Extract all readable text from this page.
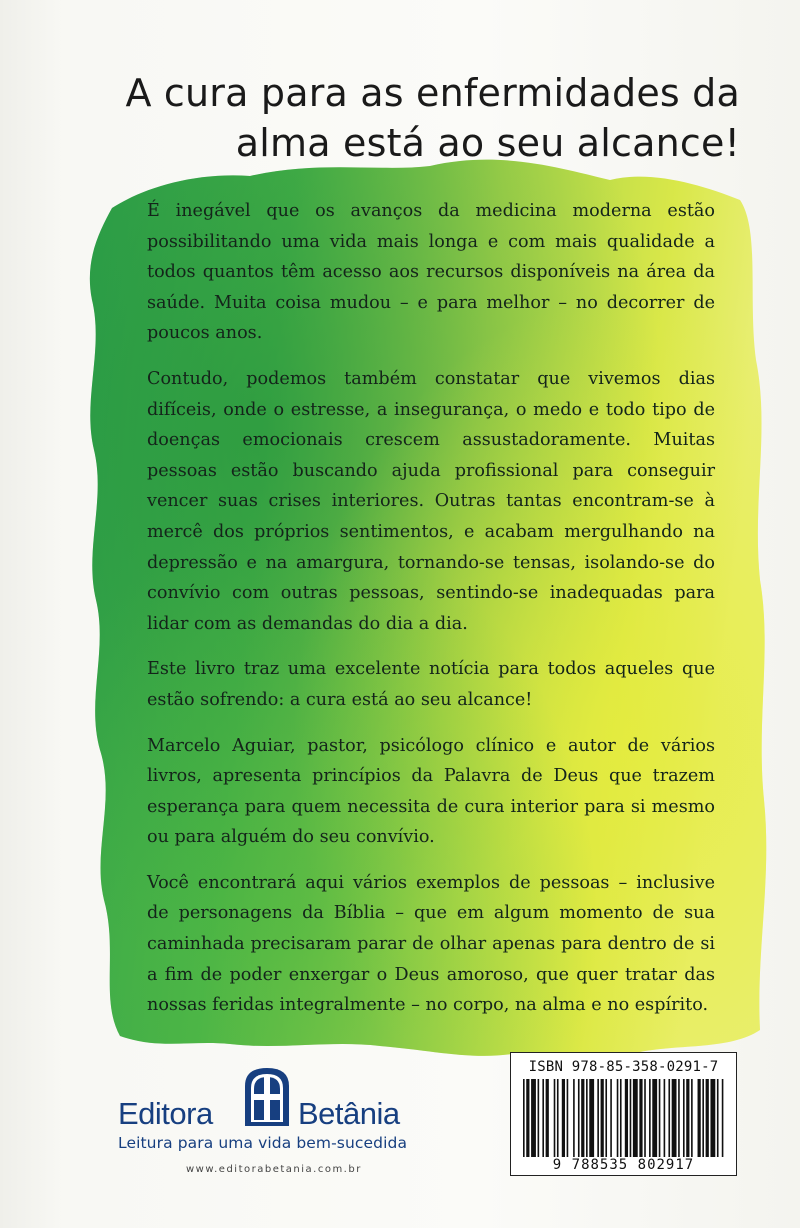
A cura para as enfermidades da
alma está ao seu alcance!

É inegável que os avanços da medicina moderna estão possibilitando uma vida mais longa e com mais qualidade a todos quantos têm acesso aos recursos disponíveis na área da saúde. Muita coisa mudou – e para melhor – no decorrer de poucos anos.

Contudo, podemos também constatar que vivemos dias difíceis, onde o estresse, a insegurança, o medo e todo tipo de doenças emocionais crescem assustadoramente. Muitas pessoas estão buscando ajuda profissional para conseguir vencer suas crises interiores. Outras tantas encontram-se à mercê dos próprios sentimentos, e acabam mergulhando na depressão e na amargura, tornando-se tensas, isolando-se do convívio com outras pessoas, sentindo-se inadequadas para lidar com as demandas do dia a dia.

Este livro traz uma excelente notícia para todos aqueles que estão sofrendo: a cura está ao seu alcance!

Marcelo Aguiar, pastor, psicólogo clínico e autor de vários livros, apresenta princípios da Palavra de Deus que trazem esperança para quem necessita de cura interior para si mesmo ou para alguém do seu convívio.

Você encontrará aqui vários exemplos de pessoas – inclusive de personagens da Bíblia – que em algum momento de sua caminhada precisaram parar de olhar apenas para dentro de si a fim de poder enxergar o Deus amoroso, que quer tratar das nossas feridas integralmente – no corpo, na alma e no espírito.

Editora	Betânia
Leitura para uma vida bem-sucedida
www.editorabetania.com.br
ISBN 978-85-358-0291-7
9 788535 802917
